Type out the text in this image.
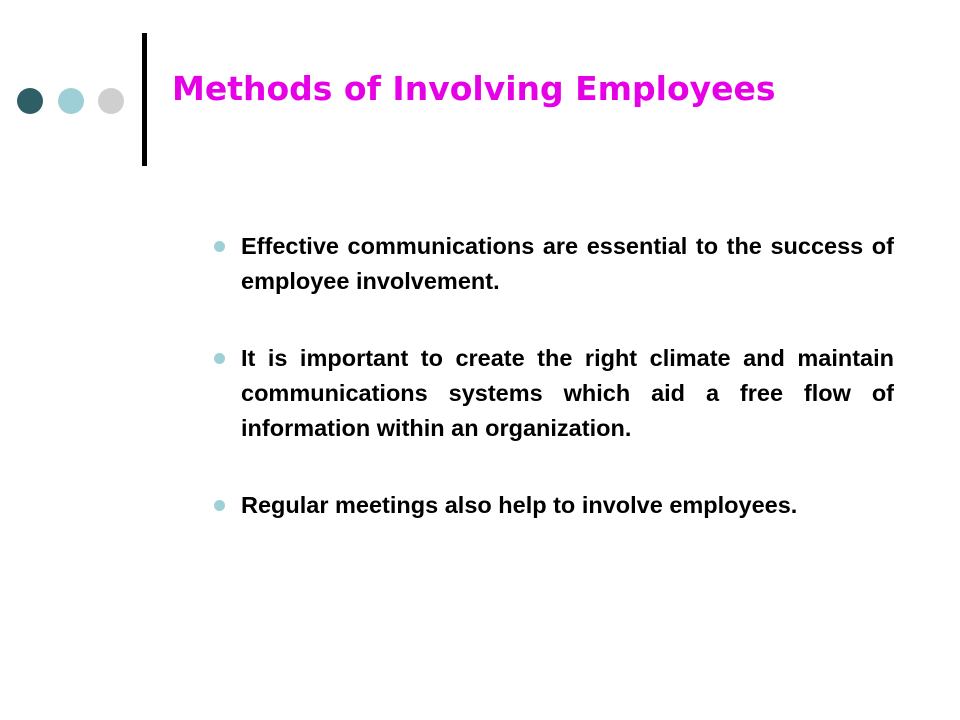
Methods of Involving Employees
Effective communications are essential to the success of employee involvement.
It is important to create the right climate and maintain communications systems which aid a free flow of information within an organization.
Regular meetings also help to involve employees.
